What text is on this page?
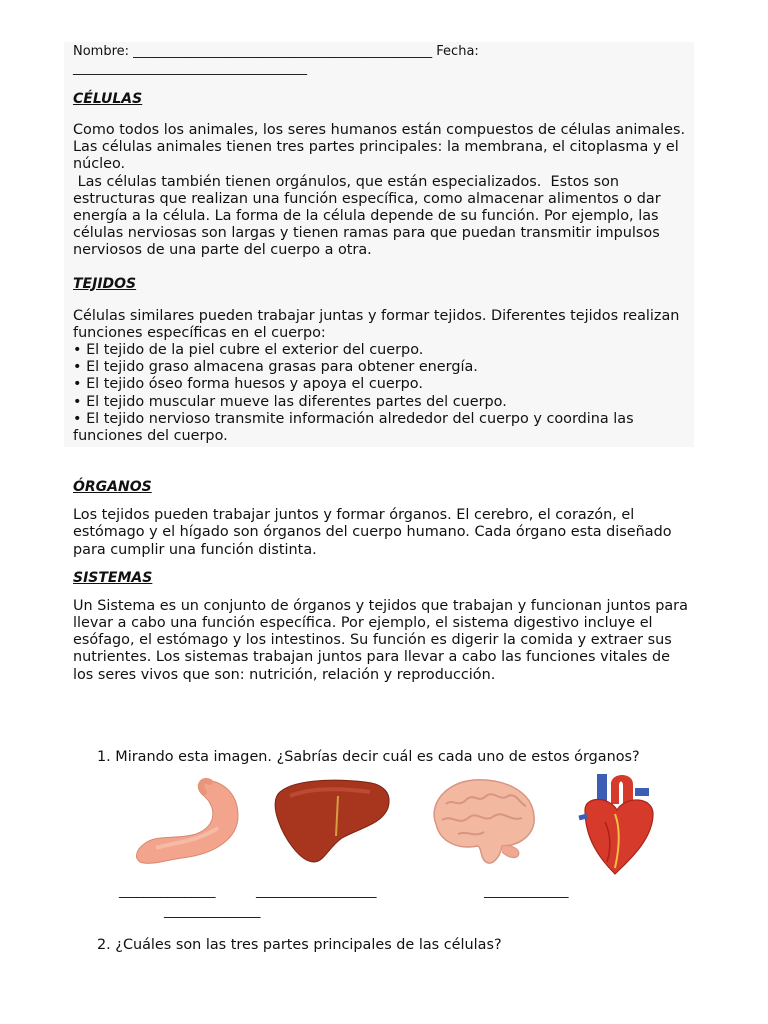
Nombre: ______________________________________________ Fecha:
____________________________________
CÉLULAS

Como todos los animales, los seres humanos están compuestos de células animales. Las células animales tienen tres partes principales: la membrana, el citoplasma y el núcleo.

Las células también tienen orgánulos, que están especializados.  Estos son estructuras que realizan una función específica, como almacenar alimentos o dar energía a la célula. La forma de la célula depende de su función. Por ejemplo, las células nerviosas son largas y tienen ramas para que puedan transmitir impulsos nerviosos de una parte del cuerpo a otra.

TEJIDOS

Células similares pueden trabajar juntas y formar tejidos. Diferentes tejidos realizan funciones específicas en el cuerpo:

• El tejido de la piel cubre el exterior del cuerpo.

• El tejido graso almacena grasas para obtener energía.

• El tejido óseo forma huesos y apoya el cuerpo.

• El tejido muscular mueve las diferentes partes del cuerpo.

• El tejido nervioso transmite información alrededor del cuerpo y coordina las funciones del cuerpo.

ÓRGANOS

Los tejidos pueden trabajar juntos y formar órganos. El cerebro, el corazón, el estómago y el hígado son órganos del cuerpo humano. Cada órgano esta diseñado para cumplir una función distinta.

SISTEMAS

Un Sistema es un conjunto de órganos y tejidos que trabajan y funcionan juntos para llevar a cabo una función específica. Por ejemplo, el sistema digestivo incluye el esófago, el estómago y los intestinos. Su función es digerir la comida y extraer sus nutrientes. Los sistemas trabajan juntos para llevar a cabo las funciones vitales de los seres vivos que son: nutrición, relación y reproducción.

1. Mirando esta imagen. ¿Sabrías decir cuál es cada uno de estos órganos?
________________	____________________	______________
________________
2. ¿Cuáles son las tres partes principales de las células?
